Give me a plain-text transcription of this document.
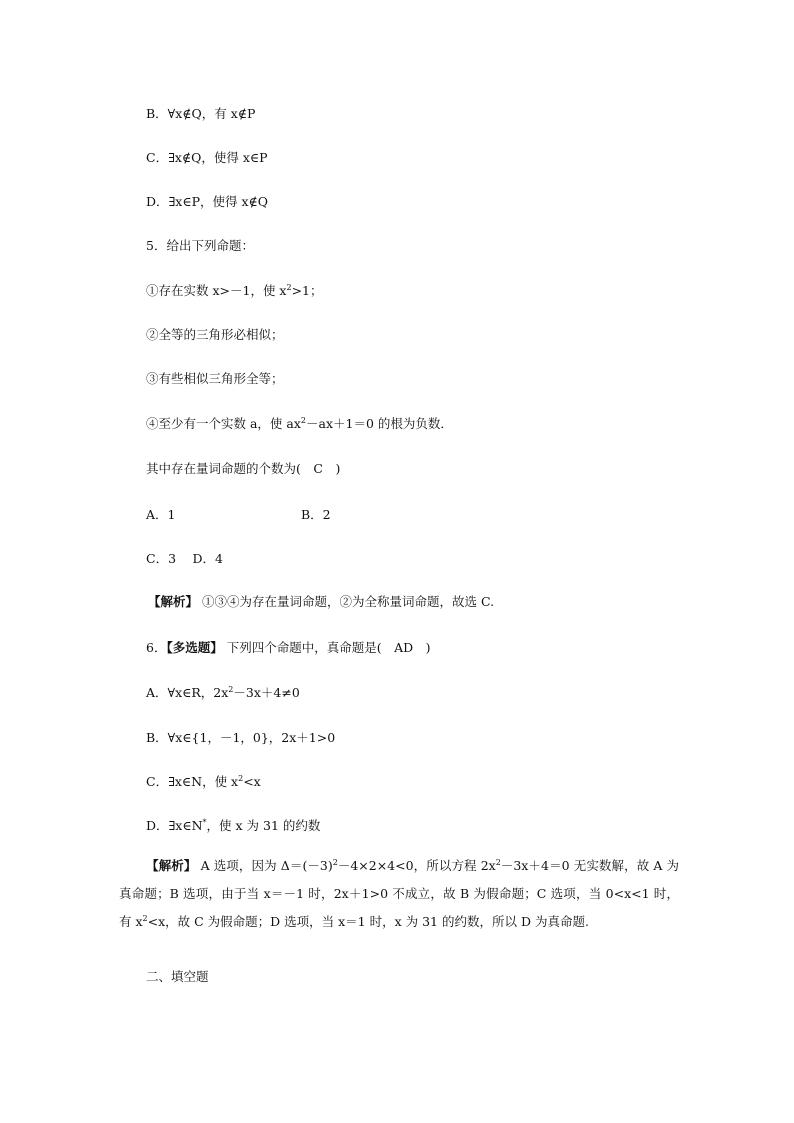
B．∀x∉Q，有 x∉P
C．∃x∉Q，使得 x∈P
D．∃x∈P，使得 x∉Q
5．给出下列命题：
①存在实数 x>－1，使 $x^2>1$；
②全等的三角形必相似；
③有些相似三角形全等；
④至少有一个实数 a，使 $ax^2-ax+1=0$ 的根为负数．
其中存在量词命题的个数为(　C　)
A．1	B．2
C．3　 D．4
【解析】 ①③④为存在量词命题，②为全称量词命题，故选 C.
6．【多选题】 下列四个命题中，真命题是(　AD　)
A．∀x∈R，$2x^2-3x+4\ne 0$
B．∀x∈{1，－1，0}，2x＋1>0
C．∃x∈N，使 $x^2<x$
D．∃x∈N*，使 x 为 31 的约数
【解析】 A 选项，因为 $\Delta=(-3)^2-4\times 2\times 4<0$，所以方程 $2x^2-3x+4=0$ 无实数解，故 A 为真命题；B 选项，由于当 x＝－1 时，2x＋1>0 不成立，故 B 为假命题；C 选项，当 0<x<1 时，有 $x^2<x$，故 C 为假命题；D 选项，当 x＝1 时，x 为 31 的约数，所以 D 为真命题.
二、填空题
